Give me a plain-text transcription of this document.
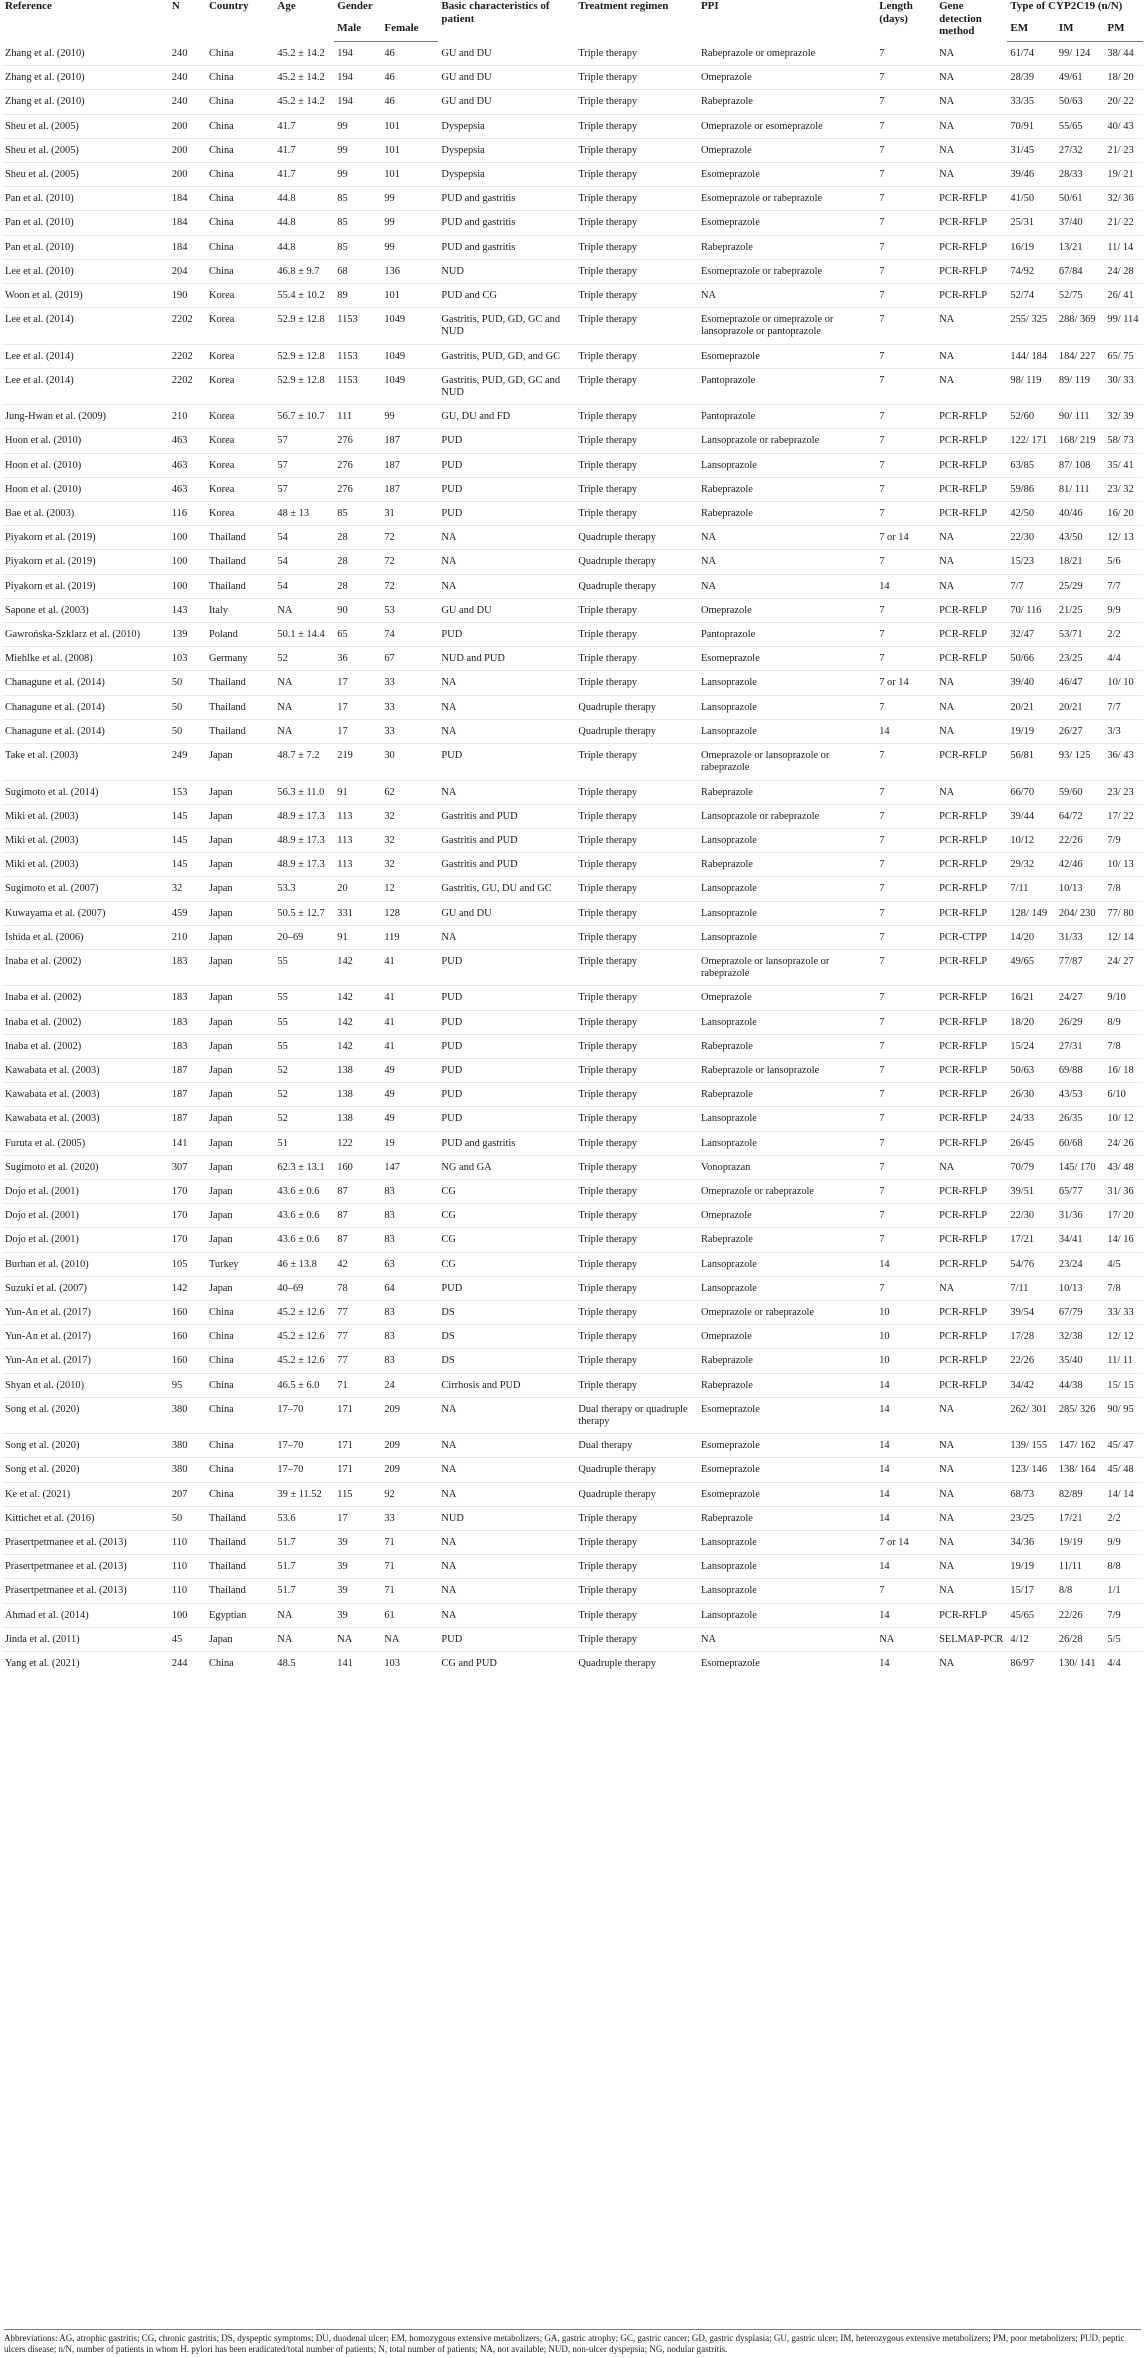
Reference	N	Country	Age	Gender		Basic characteristics of patient	Treatment regimen	PPI	Length (days)	Gene detection method	Type of CYP2C19 (n/N)		
				Male	Female						EM	IM	PM
Zhang et al. (2010)	240	China	45.2 ± 14.2	194	46	GU and DU	Triple therapy	Rabeprazole or omeprazole	7	NA	61/74	99/ 124	38/ 44
Zhang et al. (2010)	240	China	45.2 ± 14.2	194	46	GU and DU	Triple therapy	Omeprazole	7	NA	28/39	49/61	18/ 20
Zhang et al. (2010)	240	China	45.2 ± 14.2	194	46	GU and DU	Triple therapy	Rabeprazole	7	NA	33/35	50/63	20/ 22
Sheu et al. (2005)	200	China	41.7	99	101	Dyspepsia	Triple therapy	Omeprazole or esomeprazole	7	NA	70/91	55/65	40/ 43
Sheu et al. (2005)	200	China	41.7	99	101	Dyspepsia	Triple therapy	Omeprazole	7	NA	31/45	27/32	21/ 23
Sheu et al. (2005)	200	China	41.7	99	101	Dyspepsia	Triple therapy	Esomeprazole	7	NA	39/46	28/33	19/ 21
Pan et al. (2010)	184	China	44.8	85	99	PUD and gastritis	Triple therapy	Esomeprazole or rabeprazole	7	PCR-RFLP	41/50	50/61	32/ 36
Pan et al. (2010)	184	China	44.8	85	99	PUD and gastritis	Triple therapy	Esomeprazole	7	PCR-RFLP	25/31	37/40	21/ 22
Pan et al. (2010)	184	China	44.8	85	99	PUD and gastritis	Triple therapy	Rabeprazole	7	PCR-RFLP	16/19	13/21	11/ 14
Lee et al. (2010)	204	China	46.8 ± 9.7	68	136	NUD	Triple therapy	Esomeprazole or rabeprazole	7	PCR-RFLP	74/92	67/84	24/ 28
Woon et al. (2019)	190	Korea	55.4 ± 10.2	89	101	PUD and CG	Triple therapy	NA	7	PCR-RFLP	52/74	52/75	26/ 41
Lee et al. (2014)	2202	Korea	52.9 ± 12.8	1153	1049	Gastritis, PUD, GD, GC and NUD	Triple therapy	Esomeprazole or omeprazole or lansoprazole or pantoprazole	7	NA	255/ 325	288/ 369	99/ 114
Lee et al. (2014)	2202	Korea	52.9 ± 12.8	1153	1049	Gastritis, PUD, GD, and GC	Triple therapy	Esomeprazole	7	NA	144/ 184	184/ 227	65/ 75
Lee et al. (2014)	2202	Korea	52.9 ± 12.8	1153	1049	Gastritis, PUD, GD, GC and NUD	Triple therapy	Pantoprazole	7	NA	98/ 119	89/ 119	30/ 33
Jung-Hwan et al. (2009)	210	Korea	56.7 ± 10.7	111	99	GU, DU and FD	Triple therapy	Pantoprazole	7	PCR-RFLP	52/60	90/ 111	32/ 39
Hoon et al. (2010)	463	Korea	57	276	187	PUD	Triple therapy	Lansoprazole or rabeprazole	7	PCR-RFLP	122/ 171	168/ 219	58/ 73
Hoon et al. (2010)	463	Korea	57	276	187	PUD	Triple therapy	Lansoprazole	7	PCR-RFLP	63/85	87/ 108	35/ 41
Hoon et al. (2010)	463	Korea	57	276	187	PUD	Triple therapy	Rabeprazole	7	PCR-RFLP	59/86	81/ 111	23/ 32
Bae et al. (2003)	116	Korea	48 ± 13	85	31	PUD	Triple therapy	Rabeprazole	7	PCR-RFLP	42/50	40/46	16/ 20
Piyakorn et al. (2019)	100	Thailand	54	28	72	NA	Quadruple therapy	NA	7 or 14	NA	22/30	43/50	12/ 13
Piyakorn et al. (2019)	100	Thailand	54	28	72	NA	Quadruple therapy	NA	7	NA	15/23	18/21	5/6
Piyakorn et al. (2019)	100	Thailand	54	28	72	NA	Quadruple therapy	NA	14	NA	7/7	25/29	7/7
Sapone et al. (2003)	143	Italy	NA	90	53	GU and DU	Triple therapy	Omeprazole	7	PCR-RFLP	70/ 116	21/25	9/9
Gawrońska-Szklarz et al. (2010)	139	Poland	50.1 ± 14.4	65	74	PUD	Triple therapy	Pantoprazole	7	PCR-RFLP	32/47	53/71	2/2
Miehlke et al. (2008)	103	Germany	52	36	67	NUD and PUD	Triple therapy	Esomeprazole	7	PCR-RFLP	50/66	23/25	4/4
Chanagune et al. (2014)	50	Thailand	NA	17	33	NA	Triple therapy	Lansoprazole	7 or 14	NA	39/40	46/47	10/ 10
Chanagune et al. (2014)	50	Thailand	NA	17	33	NA	Quadruple therapy	Lansoprazole	7	NA	20/21	20/21	7/7
Chanagune et al. (2014)	50	Thailand	NA	17	33	NA	Quadruple therapy	Lansoprazole	14	NA	19/19	26/27	3/3
Take et al. (2003)	249	Japan	48.7 ± 7.2	219	30	PUD	Triple therapy	Omeprazole or lansoprazole or rabeprazole	7	PCR-RFLP	56/81	93/ 125	36/ 43
Sugimoto et al. (2014)	153	Japan	56.3 ± 11.0	91	62	NA	Triple therapy	Rabeprazole	7	NA	66/70	59/60	23/ 23
Miki et al. (2003)	145	Japan	48.9 ± 17.3	113	32	Gastritis and PUD	Triple therapy	Lansoprazole or rabeprazole	7	PCR-RFLP	39/44	64/72	17/ 22
Miki et al. (2003)	145	Japan	48.9 ± 17.3	113	32	Gastritis and PUD	Triple therapy	Lansoprazole	7	PCR-RFLP	10/12	22/26	7/9
Miki et al. (2003)	145	Japan	48.9 ± 17.3	113	32	Gastritis and PUD	Triple therapy	Rabeprazole	7	PCR-RFLP	29/32	42/46	10/ 13
Sugimoto et al. (2007)	32	Japan	53.3	20	12	Gastritis, GU, DU and GC	Triple therapy	Lansoprazole	7	PCR-RFLP	7/11	10/13	7/8
Kuwayama et al. (2007)	459	Japan	50.5 ± 12.7	331	128	GU and DU	Triple therapy	Lansoprazole	7	PCR-RFLP	128/ 149	204/ 230	77/ 80
Ishida et al. (2006)	210	Japan	20–69	91	119	NA	Triple therapy	Lansoprazole	7	PCR-CTPP	14/20	31/33	12/ 14
Inaba et al. (2002)	183	Japan	55	142	41	PUD	Triple therapy	Omeprazole or lansoprazole or rabeprazole	7	PCR-RFLP	49/65	77/87	24/ 27
Inaba et al. (2002)	183	Japan	55	142	41	PUD	Triple therapy	Omeprazole	7	PCR-RFLP	16/21	24/27	9/10
Inaba et al. (2002)	183	Japan	55	142	41	PUD	Triple therapy	Lansoprazole	7	PCR-RFLP	18/20	26/29	8/9
Inaba et al. (2002)	183	Japan	55	142	41	PUD	Triple therapy	Rabeprazole	7	PCR-RFLP	15/24	27/31	7/8
Kawabata et al. (2003)	187	Japan	52	138	49	PUD	Triple therapy	Rabeprazole or lansoprazole	7	PCR-RFLP	50/63	69/88	16/ 18
Kawabata et al. (2003)	187	Japan	52	138	49	PUD	Triple therapy	Rabeprazole	7	PCR-RFLP	26/30	43/53	6/10
Kawabata et al. (2003)	187	Japan	52	138	49	PUD	Triple therapy	Lansoprazole	7	PCR-RFLP	24/33	26/35	10/ 12
Furuta et al. (2005)	141	Japan	51	122	19	PUD and gastritis	Triple therapy	Lansoprazole	7	PCR-RFLP	26/45	60/68	24/ 26
Sugimoto et al. (2020)	307	Japan	62.3 ± 13.1	160	147	NG and GA	Triple therapy	Vonoprazan	7	NA	70/79	145/ 170	43/ 48
Dojo et al. (2001)	170	Japan	43.6 ± 0.6	87	83	CG	Triple therapy	Omeprazole or rabeprazole	7	PCR-RFLP	39/51	65/77	31/ 36
Dojo et al. (2001)	170	Japan	43.6 ± 0.6	87	83	CG	Triple therapy	Omeprazole	7	PCR-RFLP	22/30	31/36	17/ 20
Dojo et al. (2001)	170	Japan	43.6 ± 0.6	87	83	CG	Triple therapy	Rabeprazole	7	PCR-RFLP	17/21	34/41	14/ 16
Burhan et al. (2010)	105	Turkey	46 ± 13.8	42	63	CG	Triple therapy	Lansoprazole	14	PCR-RFLP	54/76	23/24	4/5
Suzuki et al. (2007)	142	Japan	40–69	78	64	PUD	Triple therapy	Lansoprazole	7	NA	7/11	10/13	7/8
Yun-An et al. (2017)	160	China	45.2 ± 12.6	77	83	DS	Triple therapy	Omeprazole or rabeprazole	10	PCR-RFLP	39/54	67/79	33/ 33
Yun-An et al. (2017)	160	China	45.2 ± 12.6	77	83	DS	Triple therapy	Omeprazole	10	PCR-RFLP	17/28	32/38	12/ 12
Yun-An et al. (2017)	160	China	45.2 ± 12.6	77	83	DS	Triple therapy	Rabeprazole	10	PCR-RFLP	22/26	35/40	11/ 11
Shyan et al. (2010)	95	China	46.5 ± 6.0	71	24	Cirrhosis and PUD	Triple therapy	Rabeprazole	14	PCR-RFLP	34/42	44/38	15/ 15
Song et al. (2020)	380	China	17–70	171	209	NA	Dual therapy or quadruple therapy	Esomeprazole	14	NA	262/ 301	285/ 326	90/ 95
Song et al. (2020)	380	China	17–70	171	209	NA	Dual therapy	Esomeprazole	14	NA	139/ 155	147/ 162	45/ 47
Song et al. (2020)	380	China	17–70	171	209	NA	Quadruple therapy	Esomeprazole	14	NA	123/ 146	138/ 164	45/ 48
Ke et al. (2021)	207	China	39 ± 11.52	115	92	NA	Quadruple therapy	Esomeprazole	14	NA	68/73	82/89	14/ 14
Kittichet et al. (2016)	50	Thailand	53.6	17	33	NUD	Triple therapy	Rabeprazole	14	NA	23/25	17/21	2/2
Prasertpetmanee et al. (2013)	110	Thailand	51.7	39	71	NA	Triple therapy	Lansoprazole	7 or 14	NA	34/36	19/19	9/9
Prasertpetmanee et al. (2013)	110	Thailand	51.7	39	71	NA	Triple therapy	Lansoprazole	14	NA	19/19	11/11	8/8
Prasertpetmanee et al. (2013)	110	Thailand	51.7	39	71	NA	Triple therapy	Lansoprazole	7	NA	15/17	8/8	1/1
Ahmad et al. (2014)	100	Egyptian	NA	39	61	NA	Triple therapy	Lansoprazole	14	PCR-RFLP	45/65	22/26	7/9
Jinda et al. (2011)	45	Japan	NA	NA	NA	PUD	Triple therapy	NA	NA	SELMAP-PCR	4/12	26/28	5/5
Yang et al. (2021)	244	China	48.5	141	103	CG and PUD	Quadruple therapy	Esomeprazole	14	NA	86/97	130/ 141	4/4
Abbreviations: AG, atrophic gastritis; CG, chronic gastritis; DS, dyspeptic symptoms; DU, duodenal ulcer; EM, homozygous extensive metabolizers; GA, gastric atrophy; GC, gastric cancer; GD, gastric dysplasia; GU, gastric ulcer; IM, heterozygous extensive metabolizers; PM, poor metabolizers; PUD, peptic ulcers disease; n/N, number of patients in whom H. pylori has been eradicated/total number of patients; N, total number of patients; NA, not available; NUD, non-ulcer dyspepsia; NG, nodular gastritis.
